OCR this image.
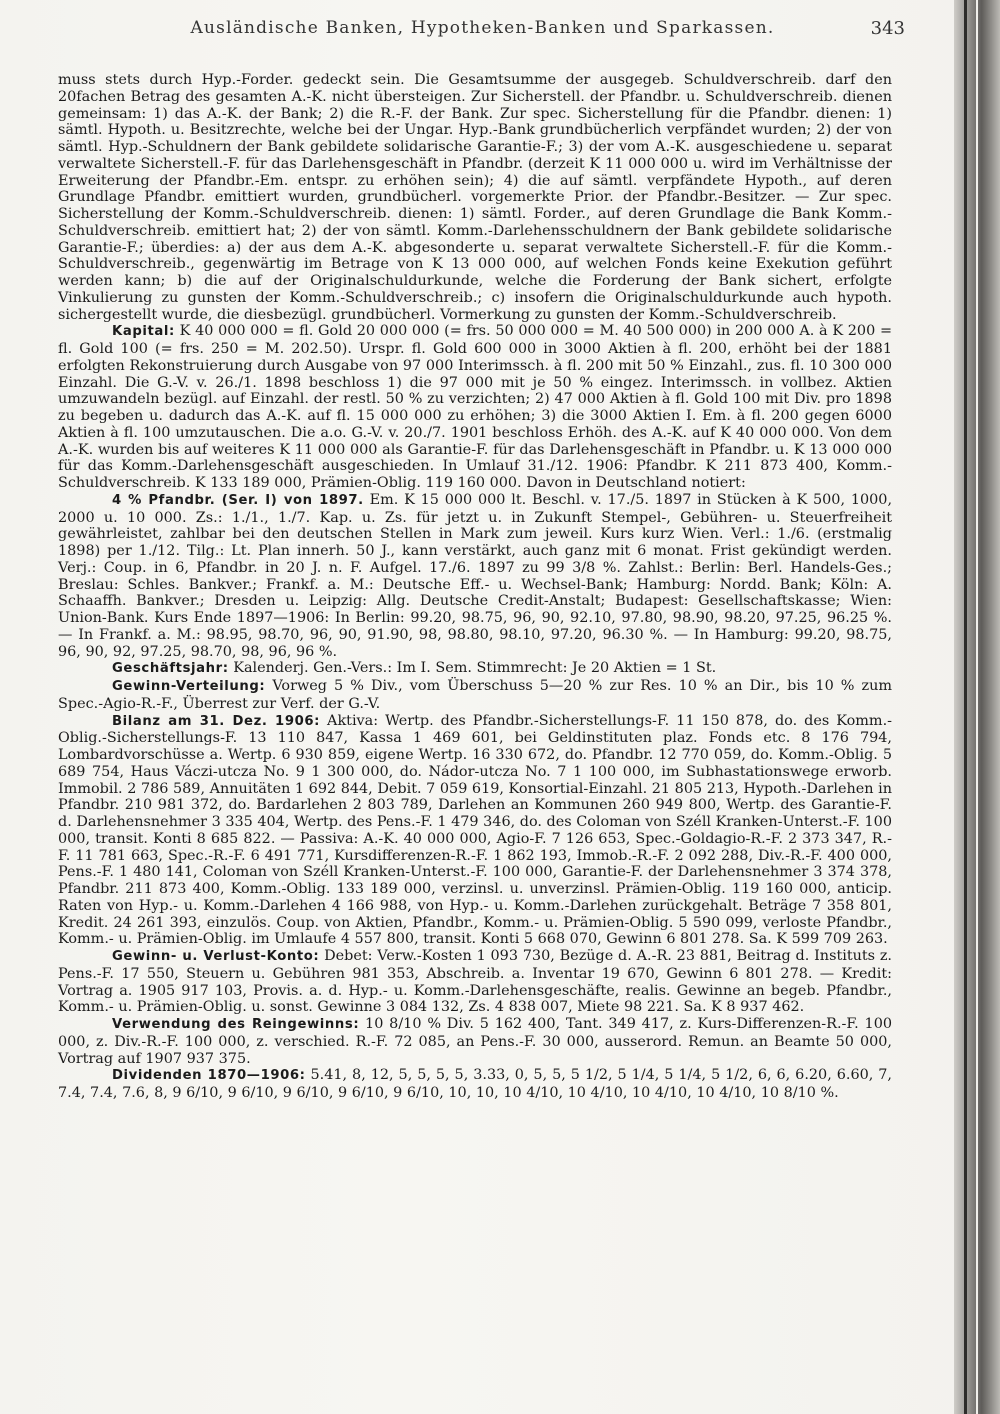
Ausländische Banken, Hypotheken-Banken und Sparkassen.	343

muss stets durch Hyp.-Forder. gedeckt sein. Die Gesamtsumme der ausgegeb. Schuldverschreib. darf den 20fachen Betrag des gesamten A.-K. nicht übersteigen. Zur Sicherstell. der Pfandbr. u. Schuldverschreib. dienen gemeinsam: 1) das A.-K. der Bank; 2) die R.-F. der Bank. Zur spec. Sicherstellung für die Pfandbr. dienen: 1) sämtl. Hypoth. u. Besitzrechte, welche bei der Ungar. Hyp.-Bank grundbücherlich verpfändet wurden; 2) der von sämtl. Hyp.-Schuldnern der Bank gebildete solidarische Garantie-F.; 3) der vom A.-K. ausgeschiedene u. separat verwaltete Sicherstell.-F. für das Darlehensgeschäft in Pfandbr. (derzeit K 11 000 000 u. wird im Verhältnisse der Erweiterung der Pfandbr.-Em. entspr. zu erhöhen sein); 4) die auf sämtl. verpfändete Hypoth., auf deren Grundlage Pfandbr. emittiert wurden, grundbücherl. vorgemerkte Prior. der Pfandbr.-Besitzer. — Zur spec. Sicherstellung der Komm.-Schuldverschreib. dienen: 1) sämtl. Forder., auf deren Grundlage die Bank Komm.-Schuldverschreib. emittiert hat; 2) der von sämtl. Komm.-Darlehensschuldnern der Bank gebildete solidarische Garantie-F.; überdies: a) der aus dem A.-K. abgesonderte u. separat verwaltete Sicherstell.-F. für die Komm.-Schuldverschreib., gegenwärtig im Betrage von K 13 000 000, auf welchen Fonds keine Exekution geführt werden kann; b) die auf der Originalschuldurkunde, welche die Forderung der Bank sichert, erfolgte Vinkulierung zu gunsten der Komm.-Schuldverschreib.; c) insofern die Originalschuldurkunde auch hypoth. sichergestellt wurde, die diesbezügl. grundbücherl. Vormerkung zu gunsten der Komm.-Schuldverschreib.

Kapital: K 40 000 000 = fl. Gold 20 000 000 (= frs. 50 000 000 = M. 40 500 000) in 200 000 A. à K 200 = fl. Gold 100 (= frs. 250 = M. 202.50). Urspr. fl. Gold 600 000 in 3000 Aktien à fl. 200, erhöht bei der 1881 erfolgten Rekonstruierung durch Ausgabe von 97 000 Interimssch. à fl. 200 mit 50 % Einzahl., zus. fl. 10 300 000 Einzahl. Die G.-V. v. 26./1. 1898 beschloss 1) die 97 000 mit je 50 % eingez. Interimssch. in vollbez. Aktien umzuwandeln bezügl. auf Einzahl. der restl. 50 % zu verzichten; 2) 47 000 Aktien à fl. Gold 100 mit Div. pro 1898 zu begeben u. dadurch das A.-K. auf fl. 15 000 000 zu erhöhen; 3) die 3000 Aktien I. Em. à fl. 200 gegen 6000 Aktien à fl. 100 umzutauschen. Die a.o. G.-V. v. 20./7. 1901 beschloss Erhöh. des A.-K. auf K 40 000 000. Von dem A.-K. wurden bis auf weiteres K 11 000 000 als Garantie-F. für das Darlehensgeschäft in Pfandbr. u. K 13 000 000 für das Komm.-Darlehensgeschäft ausgeschieden. In Umlauf 31./12. 1906: Pfandbr. K 211 873 400, Komm.-Schuldverschreib. K 133 189 000, Prämien-Oblig. 119 160 000. Davon in Deutschland notiert:

4 % Pfandbr. (Ser. I) von 1897. Em. K 15 000 000 lt. Beschl. v. 17./5. 1897 in Stücken à K 500, 1000, 2000 u. 10 000. Zs.: 1./1., 1./7. Kap. u. Zs. für jetzt u. in Zukunft Stempel-, Gebühren- u. Steuerfreiheit gewährleistet, zahlbar bei den deutschen Stellen in Mark zum jeweil. Kurs kurz Wien. Verl.: 1./6. (erstmalig 1898) per 1./12. Tilg.: Lt. Plan innerh. 50 J., kann verstärkt, auch ganz mit 6 monat. Frist gekündigt werden. Verj.: Coup. in 6, Pfandbr. in 20 J. n. F. Aufgel. 17./6. 1897 zu 99 3/8 %. Zahlst.: Berlin: Berl. Handels-Ges.; Breslau: Schles. Bankver.; Frankf. a. M.: Deutsche Eff.- u. Wechsel-Bank; Hamburg: Nordd. Bank; Köln: A. Schaaffh. Bankver.; Dresden u. Leipzig: Allg. Deutsche Credit-Anstalt; Budapest: Gesellschaftskasse; Wien: Union-Bank. Kurs Ende 1897—1906: In Berlin: 99.20, 98.75, 96, 90, 92.10, 97.80, 98.90, 98.20, 97.25, 96.25 %. — In Frankf. a. M.: 98.95, 98.70, 96, 90, 91.90, 98, 98.80, 98.10, 97.20, 96.30 %. — In Hamburg: 99.20, 98.75, 96, 90, 92, 97.25, 98.70, 98, 96, 96 %.

Geschäftsjahr: Kalenderj. Gen.-Vers.: Im I. Sem. Stimmrecht: Je 20 Aktien = 1 St.

Gewinn-Verteilung: Vorweg 5 % Div., vom Überschuss 5—20 % zur Res. 10 % an Dir., bis 10 % zum Spec.-Agio-R.-F., Überrest zur Verf. der G.-V.

Bilanz am 31. Dez. 1906: Aktiva: Wertp. des Pfandbr.-Sicherstellungs-F. 11 150 878, do. des Komm.-Oblig.-Sicherstellungs-F. 13 110 847, Kassa 1 469 601, bei Geldinstituten plaz. Fonds etc. 8 176 794, Lombardvorschüsse a. Wertp. 6 930 859, eigene Wertp. 16 330 672, do. Pfandbr. 12 770 059, do. Komm.-Oblig. 5 689 754, Haus Váczi-utcza No. 9 1 300 000, do. Nádor-utcza No. 7 1 100 000, im Subhastationswege erworb. Immobil. 2 786 589, Annuitäten 1 692 844, Debit. 7 059 619, Konsortial-Einzahl. 21 805 213, Hypoth.-Darlehen in Pfandbr. 210 981 372, do. Bardarlehen 2 803 789, Darlehen an Kommunen 260 949 800, Wertp. des Garantie-F. d. Darlehensnehmer 3 335 404, Wertp. des Pens.-F. 1 479 346, do. des Coloman von Széll Kranken-Unterst.-F. 100 000, transit. Konti 8 685 822. — Passiva: A.-K. 40 000 000, Agio-F. 7 126 653, Spec.-Goldagio-R.-F. 2 373 347, R.-F. 11 781 663, Spec.-R.-F. 6 491 771, Kursdifferenzen-R.-F. 1 862 193, Immob.-R.-F. 2 092 288, Div.-R.-F. 400 000, Pens.-F. 1 480 141, Coloman von Széll Kranken-Unterst.-F. 100 000, Garantie-F. der Darlehensnehmer 3 374 378, Pfandbr. 211 873 400, Komm.-Oblig. 133 189 000, verzinsl. u. unverzinsl. Prämien-Oblig. 119 160 000, anticip. Raten von Hyp.- u. Komm.-Darlehen 4 166 988, von Hyp.- u. Komm.-Darlehen zurückgehalt. Beträge 7 358 801, Kredit. 24 261 393, einzulös. Coup. von Aktien, Pfandbr., Komm.- u. Prämien-Oblig. 5 590 099, verloste Pfandbr., Komm.- u. Prämien-Oblig. im Umlaufe 4 557 800, transit. Konti 5 668 070, Gewinn 6 801 278. Sa. K 599 709 263.

Gewinn- u. Verlust-Konto: Debet: Verw.-Kosten 1 093 730, Bezüge d. A.-R. 23 881, Beitrag d. Instituts z. Pens.-F. 17 550, Steuern u. Gebühren 981 353, Abschreib. a. Inventar 19 670, Gewinn 6 801 278. — Kredit: Vortrag a. 1905 917 103, Provis. a. d. Hyp.- u. Komm.-Darlehensgeschäfte, realis. Gewinne an begeb. Pfandbr., Komm.- u. Prämien-Oblig. u. sonst. Gewinne 3 084 132, Zs. 4 838 007, Miete 98 221. Sa. K 8 937 462.

Verwendung des Reingewinns: 10 8/10 % Div. 5 162 400, Tant. 349 417, z. Kurs-Differenzen-R.-F. 100 000, z. Div.-R.-F. 100 000, z. verschied. R.-F. 72 085, an Pens.-F. 30 000, ausserord. Remun. an Beamte 50 000, Vortrag auf 1907 937 375.

Dividenden 1870—1906: 5.41, 8, 12, 5, 5, 5, 5, 3.33, 0, 5, 5, 5 1/2, 5 1/4, 5 1/4, 5 1/2, 6, 6, 6.20, 6.60, 7, 7.4, 7.4, 7.6, 8, 9 6/10, 9 6/10, 9 6/10, 9 6/10, 9 6/10, 10, 10, 10 4/10, 10 4/10, 10 4/10, 10 4/10, 10 8/10 %.
